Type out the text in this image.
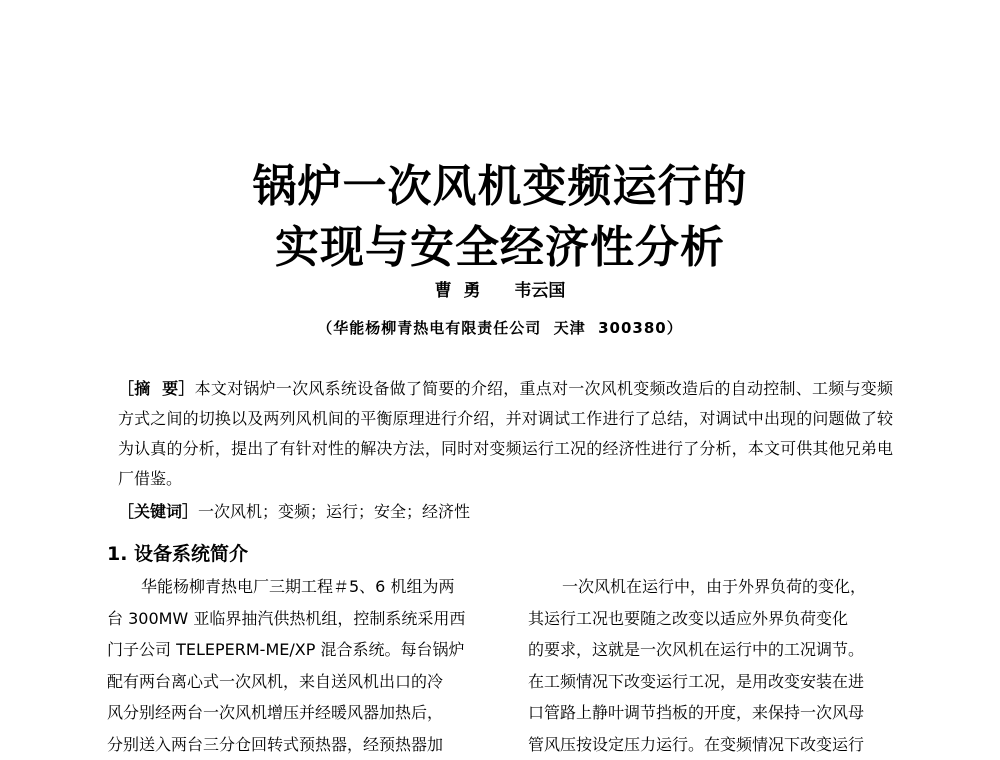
锅炉一次风机变频运行的
实现与安全经济性分析
曹  勇 韦云国
（华能杨柳青热电有限责任公司  天津  300380）
［摘  要］本文对锅炉一次风系统设备做了简要的介绍，重点对一次风机变频改造后的自动控制、工频与变频方式之间的切换以及两列风机间的平衡原理进行介绍，并对调试工作进行了总结，对调试中出现的问题做了较为认真的分析，提出了有针对性的解决方法，同时对变频运行工况的经济性进行了分析，本文可供其他兄弟电厂借鉴。
［关键词］一次风机；变频；运行；安全；经济性
1. 设备系统简介
华能杨柳青热电厂三期工程＃5、6 机组为两
台 300MW 亚临界抽汽供热机组，控制系统采用西
门子公司 TELEPERM-ME/XP 混合系统。每台锅炉
配有两台离心式一次风机，来自送风机出口的冷
风分别经两台一次风机增压并经暖风器加热后，
分别送入两台三分仓回转式预热器，经预热器加
一次风机在运行中，由于外界负荷的变化，
其运行工况也要随之改变以适应外界负荷变化
的要求，这就是一次风机在运行中的工况调节。
在工频情况下改变运行工况，是用改变安装在进
口管路上静叶调节挡板的开度，来保持一次风母
管风压按设定压力运行。在变频情况下改变运行
